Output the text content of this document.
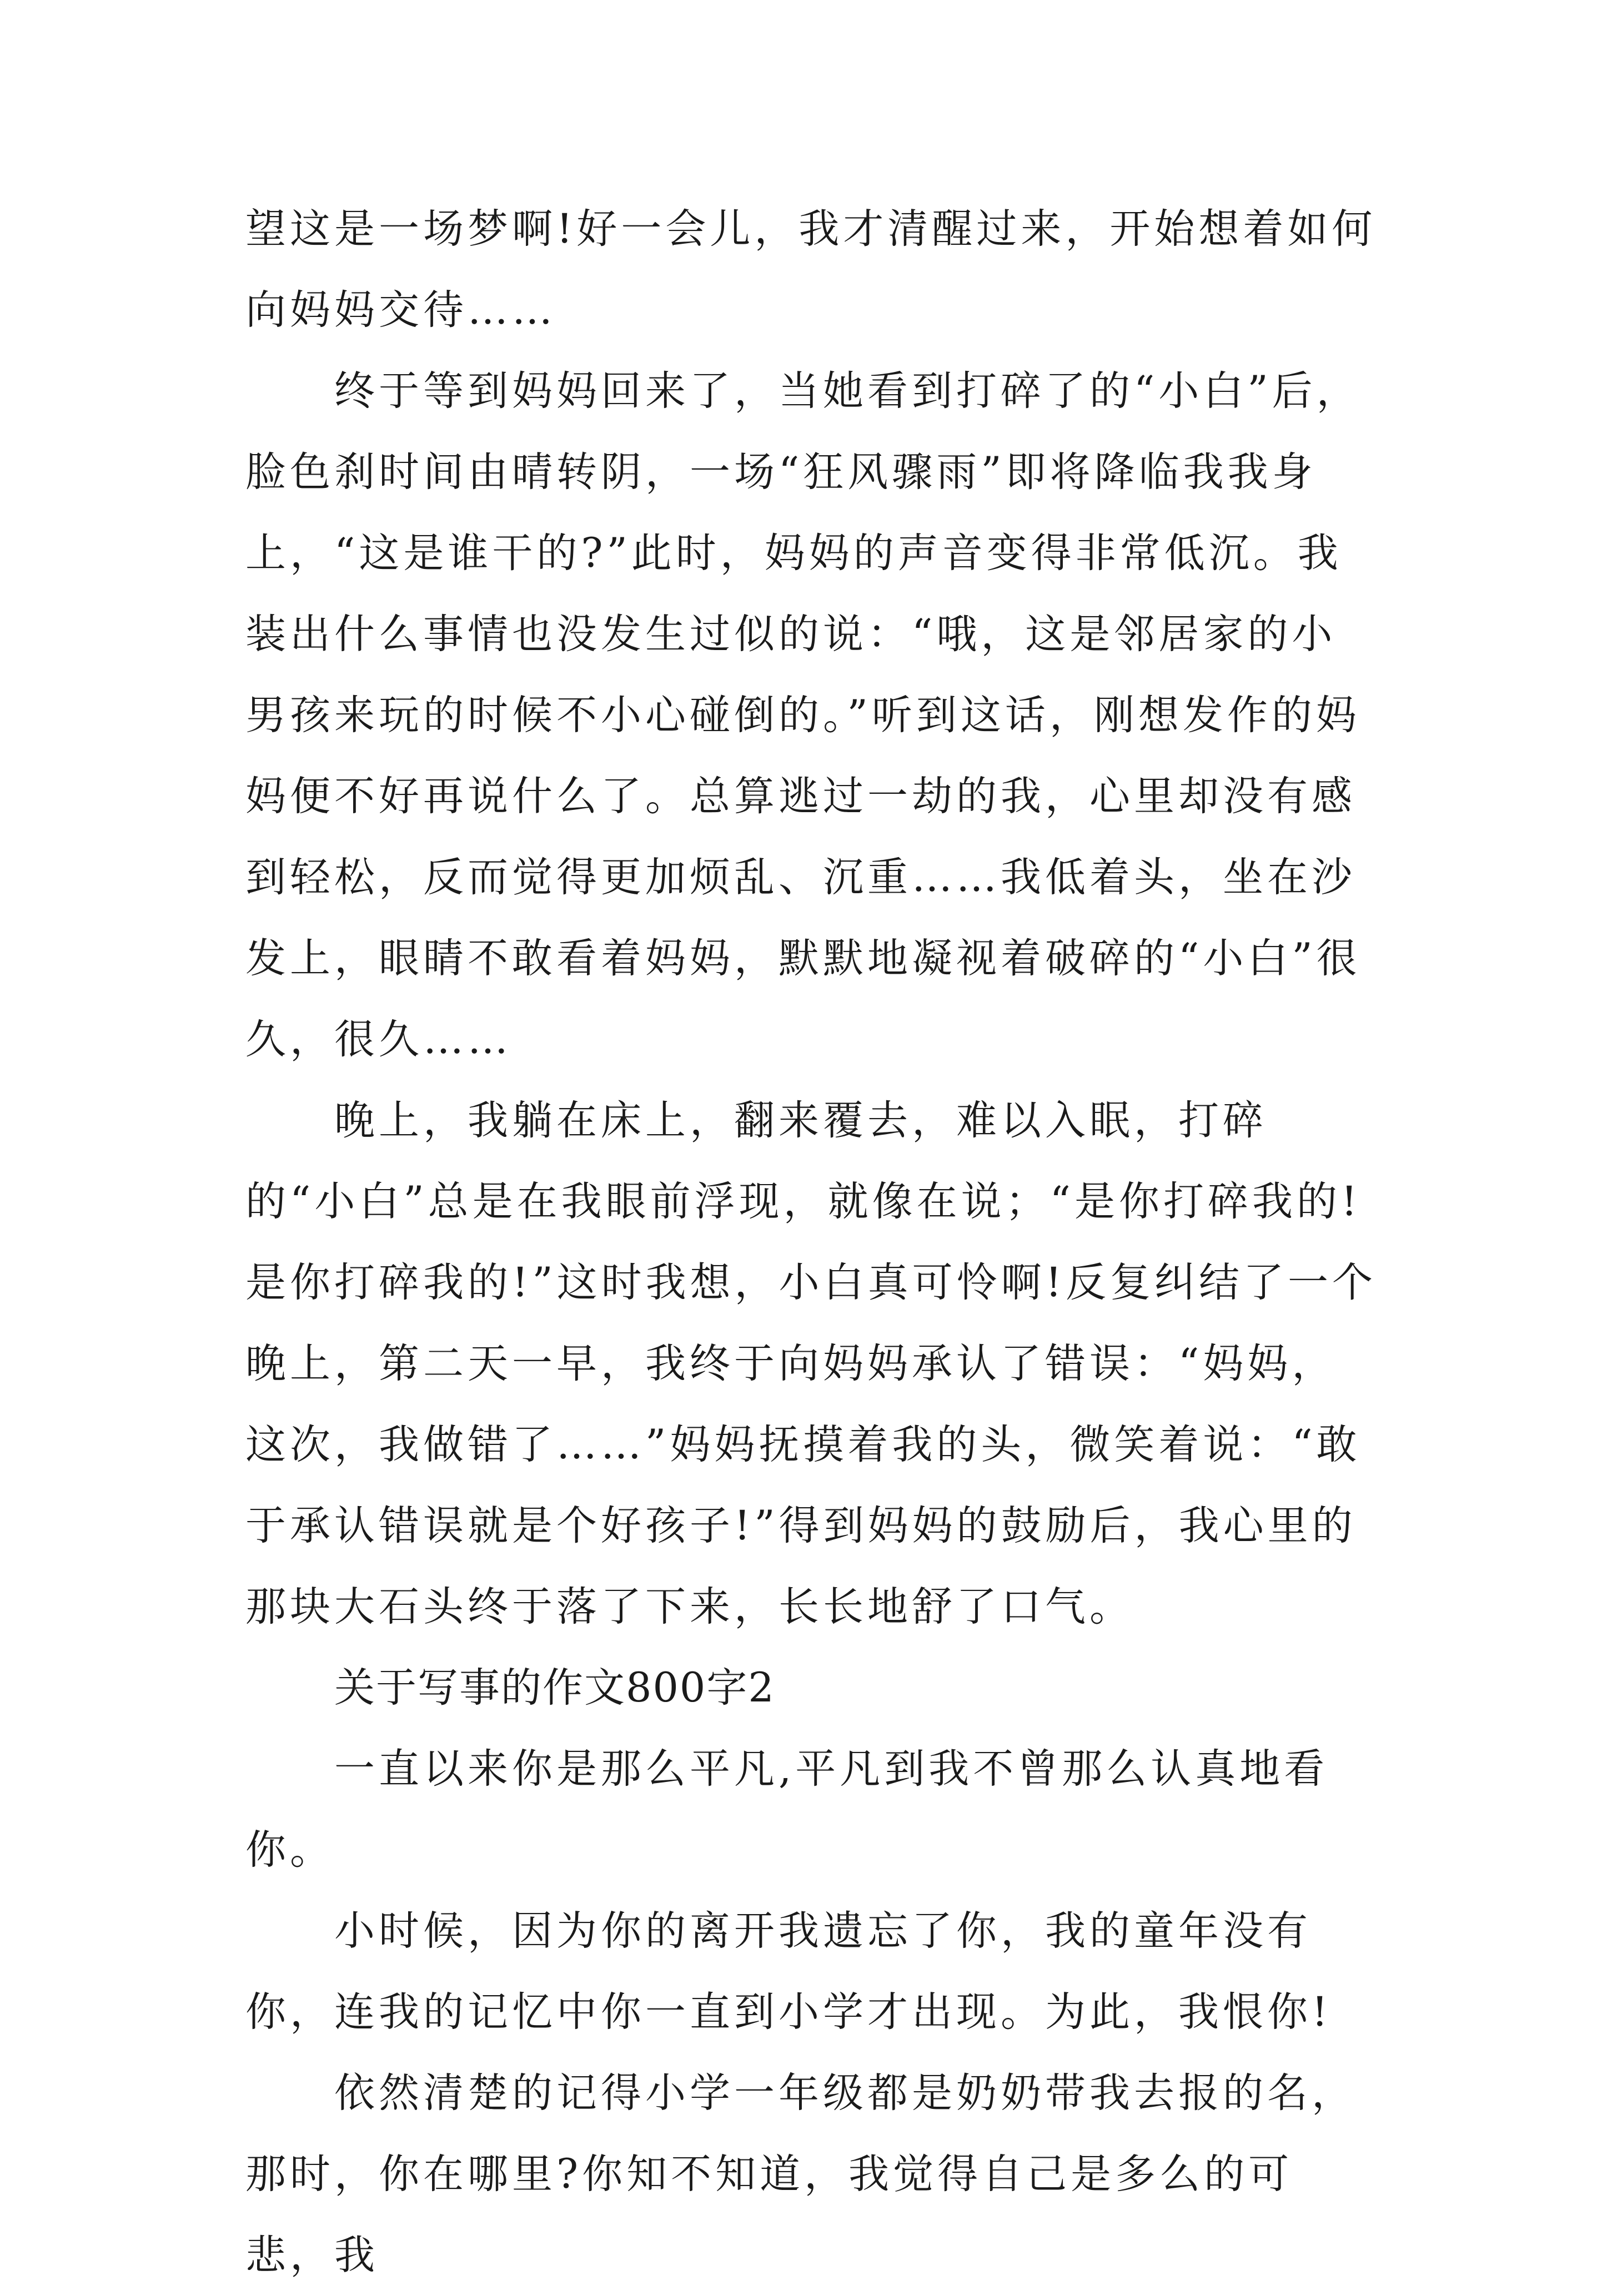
望这是一场梦啊!好一会儿，我才清醒过来，开始想着如何向妈妈交待……

终于等到妈妈回来了，当她看到打碎了的“小白”后，脸色刹时间由晴转阴，一场“狂风骤雨”即将降临我我身上，“这是谁干的?”此时，妈妈的声音变得非常低沉。我装出什么事情也没发生过似的说：“哦，这是邻居家的小男孩来玩的时候不小心碰倒的。”听到这话，刚想发作的妈妈便不好再说什么了。总算逃过一劫的我，心里却没有感到轻松，反而觉得更加烦乱、沉重……我低着头，坐在沙发上，眼睛不敢看着妈妈，默默地凝视着破碎的“小白”很久，很久……

晚上，我躺在床上，翻来覆去，难以入眠，打碎的“小白”总是在我眼前浮现，就像在说；“是你打碎我的!是你打碎我的!”这时我想，小白真可怜啊!反复纠结了一个晚上，第二天一早，我终于向妈妈承认了错误：“妈妈，这次，我做错了……”妈妈抚摸着我的头，微笑着说：“敢于承认错误就是个好孩子!”得到妈妈的鼓励后，我心里的那块大石头终于落了下来，长长地舒了口气。

关于写事的作文800字2

一直以来你是那么平凡,平凡到我不曾那么认真地看你。

小时候，因为你的离开我遗忘了你，我的童年没有你，连我的记忆中你一直到小学才出现。为此，我恨你!

依然清楚的记得小学一年级都是奶奶带我去报的名，那时，你在哪里?你知不知道，我觉得自己是多么的可悲，我
